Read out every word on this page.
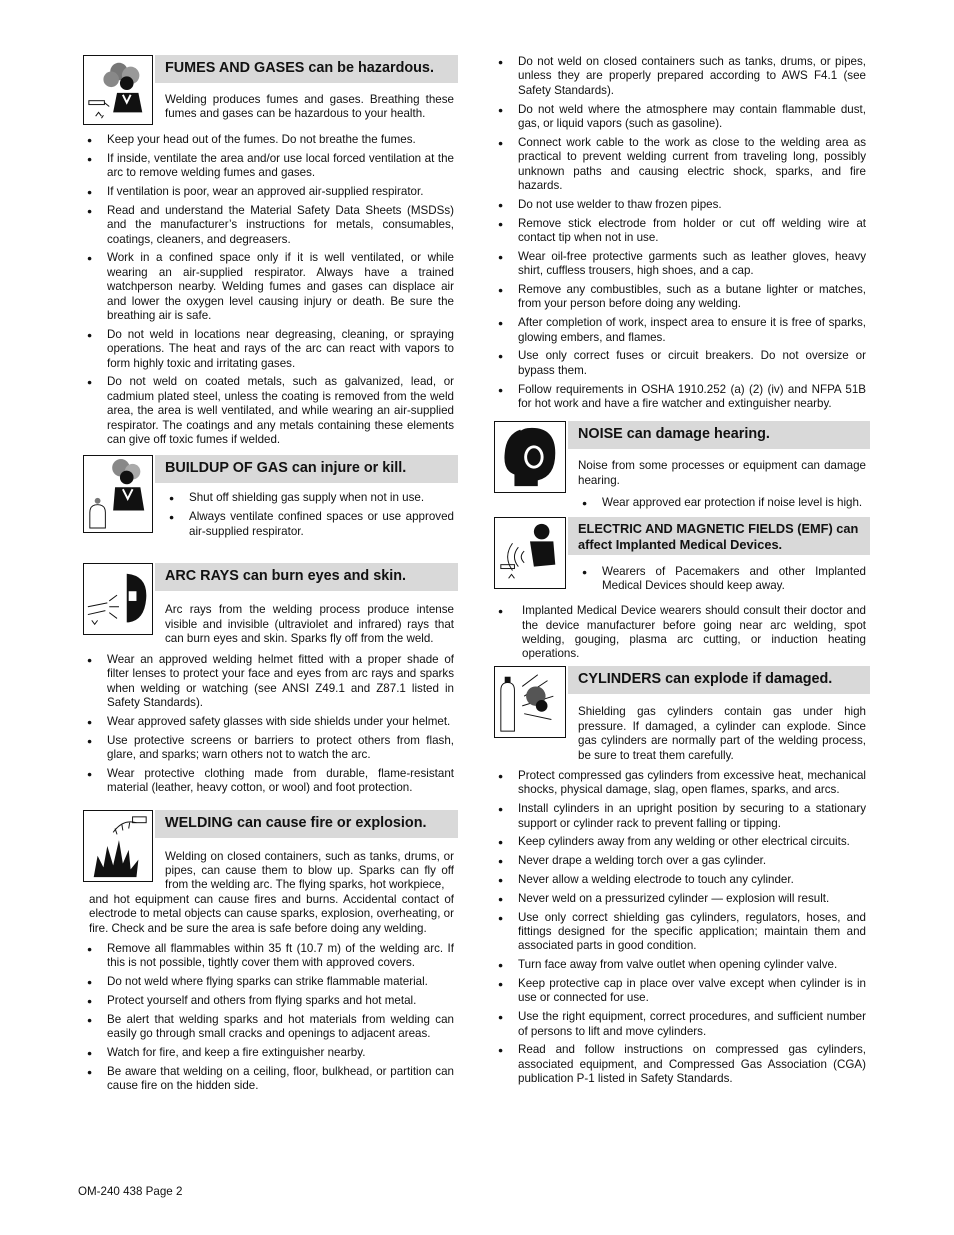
FUMES AND GASES can be hazardous.
Welding produces fumes and gases. Breathing these fumes and gases can be hazardous to your health.
● Keep your head out of the fumes. Do not breathe the fumes.
● If inside, ventilate the area and/or use local forced ventilation at the arc to remove welding fumes and gases.
● If ventilation is poor, wear an approved air-supplied respirator.
● Read and understand the Material Safety Data Sheets (MSDSs) and the manufacturer’s instructions for metals, consumables, coatings, cleaners, and degreasers.
● Work in a confined space only if it is well ventilated, or while wearing an air-supplied respirator. Always have a trained watchperson nearby. Welding fumes and gases can displace air and lower the oxygen level causing injury or death. Be sure the breathing air is safe.
● Do not weld in locations near degreasing, cleaning, or spraying operations. The heat and rays of the arc can react with vapors to form highly toxic and irritating gases.
● Do not weld on coated metals, such as galvanized, lead, or cadmium plated steel, unless the coating is removed from the weld area, the area is well ventilated, and while wearing an air-supplied respirator. The coatings and any metals containing these elements can give off toxic fumes if welded.
BUILDUP OF GAS can injure or kill.
● Shut off shielding gas supply when not in use.
● Always ventilate confined spaces or use approved air-supplied respirator.
ARC RAYS can burn eyes and skin.
Arc rays from the welding process produce intense visible and invisible (ultraviolet and infrared) rays that can burn eyes and skin. Sparks fly off from the weld.
● Wear an approved welding helmet fitted with a proper shade of filter lenses to protect your face and eyes from arc rays and sparks when welding or watching (see ANSI Z49.1 and Z87.1 listed in Safety Standards).
● Wear approved safety glasses with side shields under your helmet.
● Use protective screens or barriers to protect others from flash, glare, and sparks; warn others not to watch the arc.
● Wear protective clothing made from durable, flame-resistant material (leather, heavy cotton, or wool) and foot protection.
WELDING can cause fire or explosion.
Welding on closed containers, such as tanks, drums, or pipes, can cause them to blow up. Sparks can fly off from the welding arc. The flying sparks, hot workpiece,
and hot equipment can cause fires and burns. Accidental contact of electrode to metal objects can cause sparks, explosion, overheating, or fire. Check and be sure the area is safe before doing any welding.
● Remove all flammables within 35 ft (10.7 m) of the welding arc. If this is not possible, tightly cover them with approved covers.
● Do not weld where flying sparks can strike flammable material.
● Protect yourself and others from flying sparks and hot metal.
● Be alert that welding sparks and hot materials from welding can easily go through small cracks and openings to adjacent areas.
● Watch for fire, and keep a fire extinguisher nearby.
● Be aware that welding on a ceiling, floor, bulkhead, or partition can cause fire on the hidden side.
● Do not weld on closed containers such as tanks, drums, or pipes, unless they are properly prepared according to AWS F4.1 (see Safety Standards).
● Do not weld where the atmosphere may contain flammable dust, gas, or liquid vapors (such as gasoline).
● Connect work cable to the work as close to the welding area as practical to prevent welding current from traveling long, possibly unknown paths and causing electric shock, sparks, and fire hazards.
● Do not use welder to thaw frozen pipes.
● Remove stick electrode from holder or cut off welding wire at contact tip when not in use.
● Wear oil-free protective garments such as leather gloves, heavy shirt, cuffless trousers, high shoes, and a cap.
● Remove any combustibles, such as a butane lighter or matches, from your person before doing any welding.
● After completion of work, inspect area to ensure it is free of sparks, glowing embers, and flames.
● Use only correct fuses or circuit breakers. Do not oversize or bypass them.
● Follow requirements in OSHA 1910.252 (a) (2) (iv) and NFPA 51B for hot work and have a fire watcher and extinguisher nearby.
NOISE can damage hearing.
Noise from some processes or equipment can damage hearing.
● Wear approved ear protection if noise level is high.
ELECTRIC AND MAGNETIC FIELDS (EMF) can affect Implanted Medical Devices.
● Wearers of Pacemakers and other Implanted Medical Devices should keep away.
● Implanted Medical Device wearers should consult their doctor and the device manufacturer before going near arc welding, spot welding, gouging, plasma arc cutting, or induction heating operations.
CYLINDERS can explode if damaged.
Shielding gas cylinders contain gas under high pressure. If damaged, a cylinder can explode. Since gas cylinders are normally part of the welding process, be sure to treat them carefully.
● Protect compressed gas cylinders from excessive heat, mechanical shocks, physical damage, slag, open flames, sparks, and arcs.
● Install cylinders in an upright position by securing to a stationary support or cylinder rack to prevent falling or tipping.
● Keep cylinders away from any welding or other electrical circuits.
● Never drape a welding torch over a gas cylinder.
● Never allow a welding electrode to touch any cylinder.
● Never weld on a pressurized cylinder — explosion will result.
● Use only correct shielding gas cylinders, regulators, hoses, and fittings designed for the specific application; maintain them and associated parts in good condition.
● Turn face away from valve outlet when opening cylinder valve.
● Keep protective cap in place over valve except when cylinder is in use or connected for use.
● Use the right equipment, correct procedures, and sufficient number of persons to lift and move cylinders.
● Read and follow instructions on compressed gas cylinders, associated equipment, and Compressed Gas Association (CGA) publication P-1 listed in Safety Standards.
OM-240 438 Page 2
